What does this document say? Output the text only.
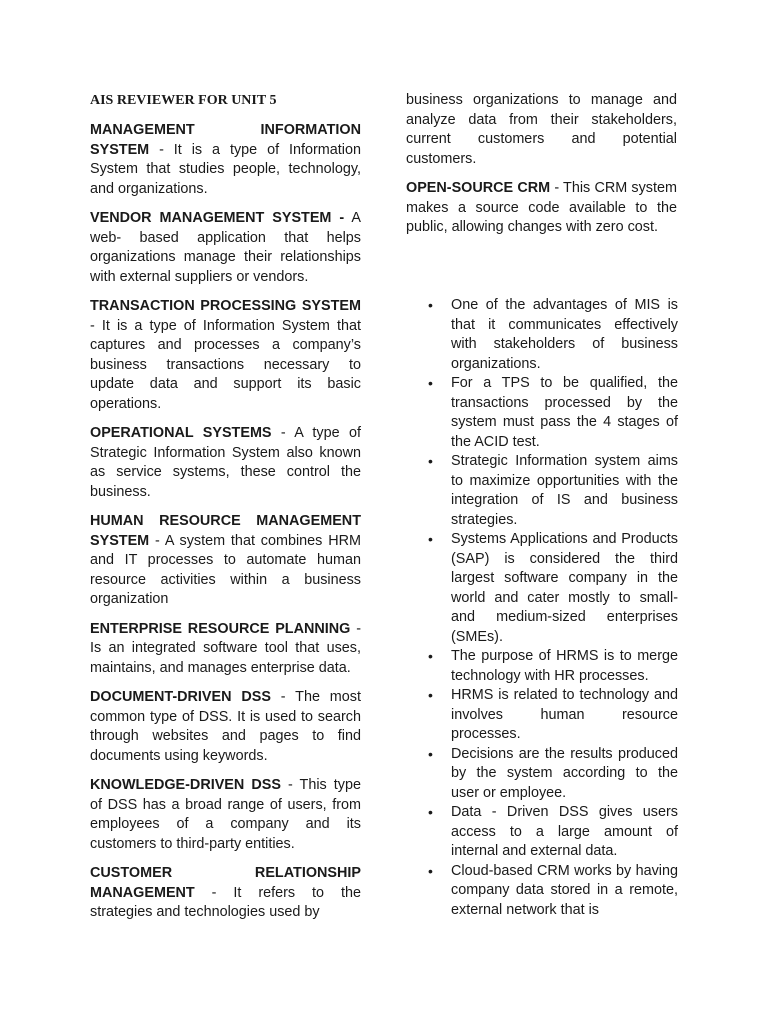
AIS REVIEWER FOR UNIT 5

MANAGEMENT INFORMATION SYSTEM - It is a type of Information System that studies people, technology, and organizations.

VENDOR MANAGEMENT SYSTEM - A web- based application that helps organizations manage their relationships with external suppliers or vendors.

TRANSACTION PROCESSING SYSTEM - It is a type of Information System that captures and processes a company’s business transactions necessary to update data and support its basic operations.

OPERATIONAL SYSTEMS - A type of Strategic Information System also known as service systems, these control the business.

HUMAN RESOURCE MANAGEMENT SYSTEM - A system that combines HRM and IT processes to automate human resource activities within a business organization

ENTERPRISE RESOURCE PLANNING - Is an integrated software tool that uses, maintains, and manages enterprise data.

DOCUMENT-DRIVEN DSS - The most common type of DSS. It is used to search through websites and pages to find documents using keywords.

KNOWLEDGE-DRIVEN DSS - This type of DSS has a broad range of users, from employees of a company and its customers to third-party entities.

CUSTOMER RELATIONSHIP MANAGEMENT - It refers to the strategies and technologies used by

business organizations to manage and analyze data from their stakeholders, current customers and potential customers.

OPEN-SOURCE CRM - This CRM system makes a source code available to the public, allowing changes with zero cost.

• One of the advantages of MIS is that it communicates effectively with stakeholders of business organizations.
• For a TPS to be qualified, the transactions processed by the system must pass the 4 stages of the ACID test.
• Strategic Information system aims to maximize opportunities with the integration of IS and business strategies.
• Systems Applications and Products (SAP) is considered the third largest software company in the world and cater mostly to small- and medium-sized enterprises (SMEs).
• The purpose of HRMS is to merge technology with HR processes.
• HRMS is related to technology and involves human resource processes.
• Decisions are the results produced by the system according to the user or employee.
• Data - Driven DSS gives users access to a large amount of internal and external data.
• Cloud-based CRM works by having company data stored in a remote, external network that is
